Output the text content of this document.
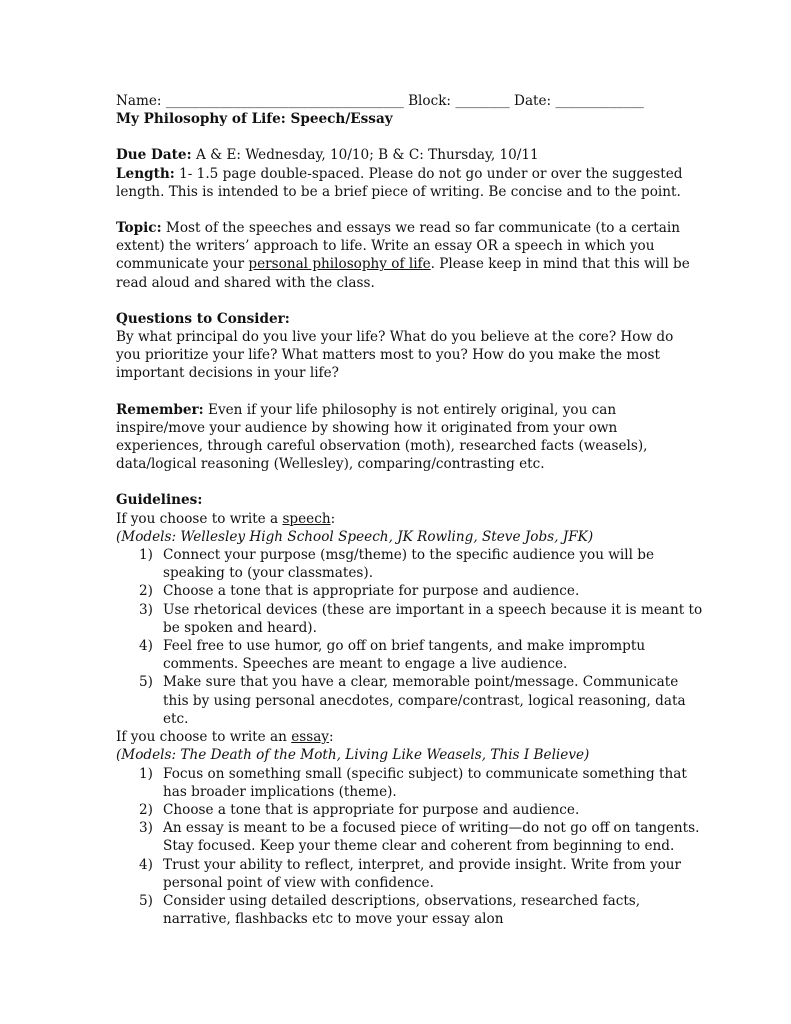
Name: ___________________________________ Block: ________ Date: _____________
My Philosophy of Life: Speech/Essay
Due Date: A & E: Wednesday, 10/10; B & C: Thursday, 10/11
Length: 1- 1.5 page double-spaced. Please do not go under or over the suggested
length. This is intended to be a brief piece of writing. Be concise and to the point.
Topic: Most of the speeches and essays we read so far communicate (to a certain
extent) the writers’ approach to life. Write an essay OR a speech in which you
communicate your personal philosophy of life. Please keep in mind that this will be
read aloud and shared with the class.
Questions to Consider:
By what principal do you live your life? What do you believe at the core? How do
you prioritize your life? What matters most to you? How do you make the most
important decisions in your life?
Remember: Even if your life philosophy is not entirely original, you can
inspire/move your audience by showing how it originated from your own
experiences, through careful observation (moth), researched facts (weasels),
data/logical reasoning (Wellesley), comparing/contrasting etc.
Guidelines:
If you choose to write a speech:
(Models: Wellesley High School Speech, JK Rowling, Steve Jobs, JFK)
1) Connect your purpose (msg/theme) to the specific audience you will be
speaking to (your classmates).
2) Choose a tone that is appropriate for purpose and audience.
3) Use rhetorical devices (these are important in a speech because it is meant to
be spoken and heard).
4) Feel free to use humor, go off on brief tangents, and make impromptu
comments. Speeches are meant to engage a live audience.
5) Make sure that you have a clear, memorable point/message. Communicate
this by using personal anecdotes, compare/contrast, logical reasoning, data
etc.
If you choose to write an essay:
(Models: The Death of the Moth, Living Like Weasels, This I Believe)
1) Focus on something small (specific subject) to communicate something that
has broader implications (theme).
2) Choose a tone that is appropriate for purpose and audience.
3) An essay is meant to be a focused piece of writing—do not go off on tangents.
Stay focused. Keep your theme clear and coherent from beginning to end.
4) Trust your ability to reflect, interpret, and provide insight. Write from your
personal point of view with confidence.
5) Consider using detailed descriptions, observations, researched facts,
narrative, flashbacks etc to move your essay alon
